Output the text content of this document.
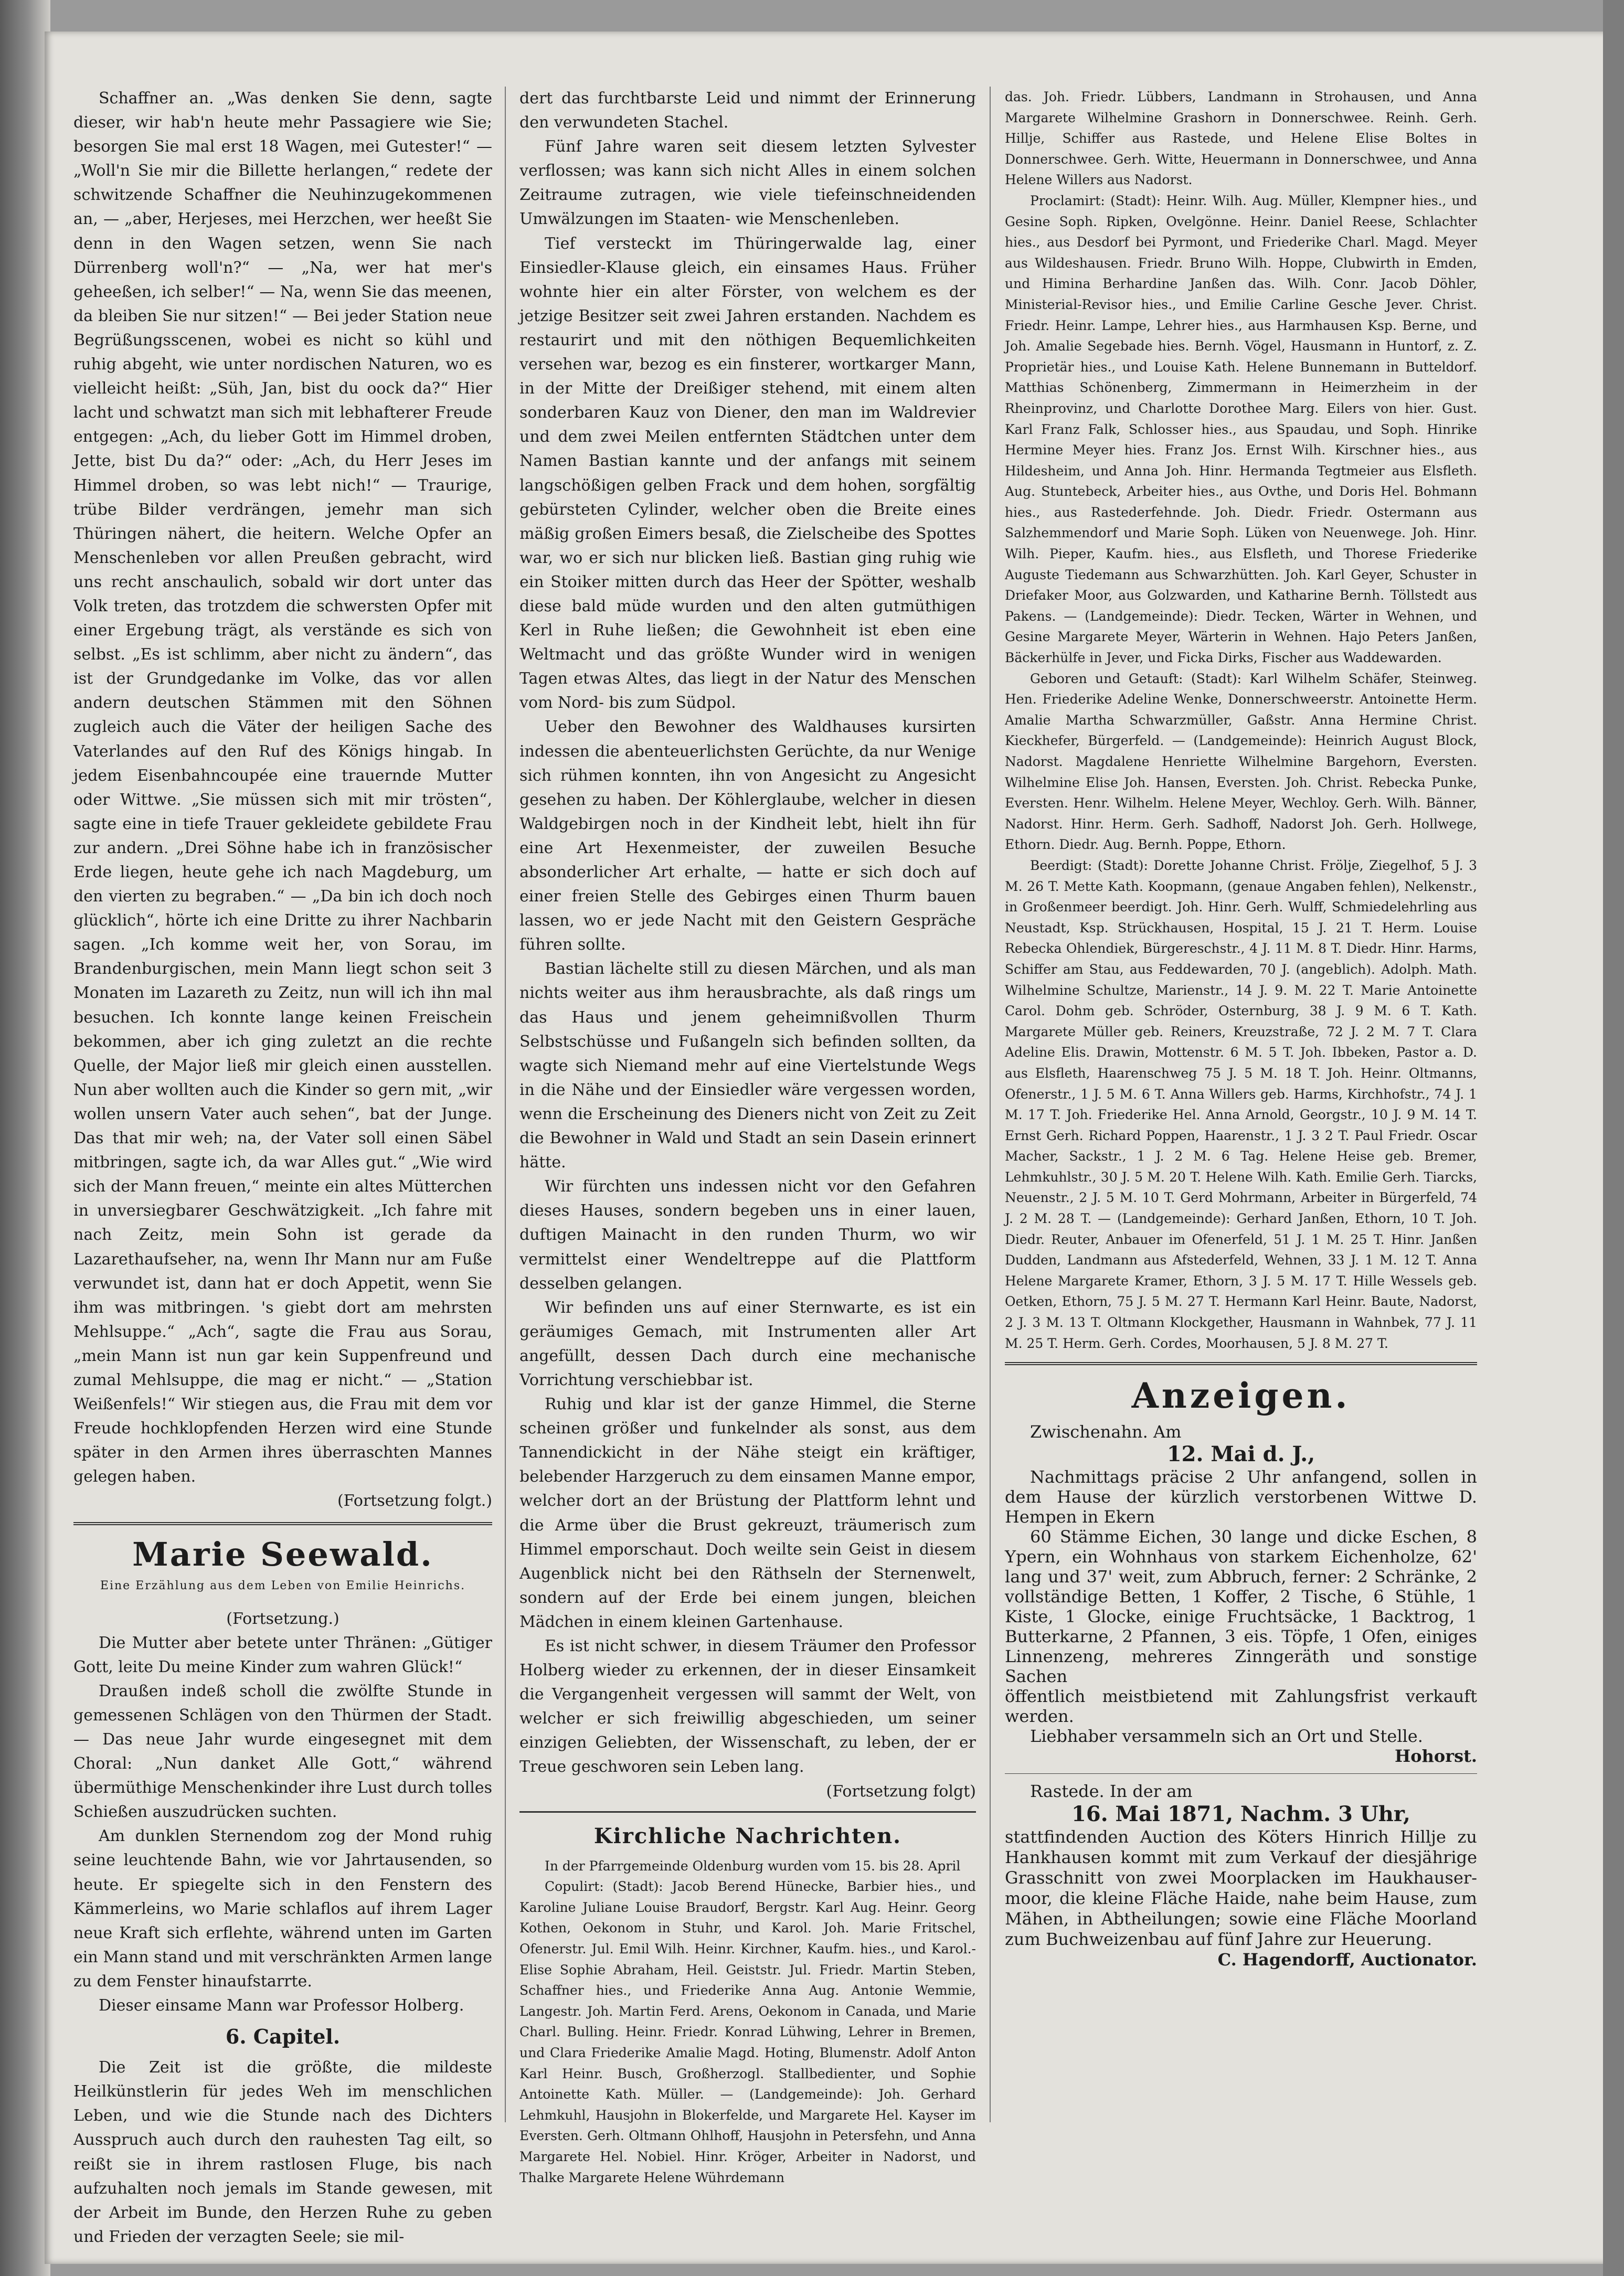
Schaffner an. „Was denken Sie denn, sagte dieser, wir hab'n heute mehr Passagiere wie Sie; besorgen Sie mal erst 18 Wagen, mei Gutester!“ — „Woll'n Sie mir die Billette herlangen,“ redete der schwitzende Schaffner die Neuhinzugekommenen an, — „aber, Herjeses, mei Herzchen, wer heeßt Sie denn in den Wagen setzen, wenn Sie nach Dürrenberg woll'n?“ — „Na, wer hat mer's geheeßen, ich selber!“ — Na, wenn Sie das meenen, da bleiben Sie nur sitzen!“ — Bei jeder Station neue Begrüßungsscenen, wobei es nicht so kühl und ruhig abgeht, wie unter nordischen Naturen, wo es vielleicht heißt: „Süh, Jan, bist du oock da?“ Hier lacht und schwatzt man sich mit lebhafterer Freude entgegen: „Ach, du lieber Gott im Himmel droben, Jette, bist Du da?“ oder: „Ach, du Herr Jeses im Himmel droben, so was lebt nich!“ — Traurige, trübe Bilder verdrängen, jemehr man sich Thüringen nähert, die heitern. Welche Opfer an Menschenleben vor allen Preußen gebracht, wird uns recht anschaulich, sobald wir dort unter das Volk treten, das trotzdem die schwersten Opfer mit einer Ergebung trägt, als verstände es sich von selbst. „Es ist schlimm, aber nicht zu ändern“, das ist der Grundgedanke im Volke, das vor allen andern deutschen Stämmen mit den Söhnen zugleich auch die Väter der heiligen Sache des Vaterlandes auf den Ruf des Königs hingab. In jedem Eisenbahncoupée eine trauernde Mutter oder Wittwe. „Sie müssen sich mit mir trösten“, sagte eine in tiefe Trauer gekleidete gebildete Frau zur andern. „Drei Söhne habe ich in französischer Erde liegen, heute gehe ich nach Magdeburg, um den vierten zu begraben.“ — „Da bin ich doch noch glücklich“, hörte ich eine Dritte zu ihrer Nachbarin sagen. „Ich komme weit her, von Sorau, im Brandenburgischen, mein Mann liegt schon seit 3 Monaten im Lazareth zu Zeitz, nun will ich ihn mal besuchen. Ich konnte lange keinen Freischein bekommen, aber ich ging zuletzt an die rechte Quelle, der Major ließ mir gleich einen ausstellen. Nun aber wollten auch die Kinder so gern mit, „wir wollen unsern Vater auch sehen“, bat der Junge. Das that mir weh; na, der Vater soll einen Säbel mitbringen, sagte ich, da war Alles gut.“ „Wie wird sich der Mann freuen,“ meinte ein altes Mütterchen in unversiegbarer Geschwätzigkeit. „Ich fahre mit nach Zeitz, mein Sohn ist gerade da Lazarethaufseher, na, wenn Ihr Mann nur am Fuße verwundet ist, dann hat er doch Appetit, wenn Sie ihm was mitbringen. 's giebt dort am mehrsten Mehlsuppe.“ „Ach“, sagte die Frau aus Sorau, „mein Mann ist nun gar kein Suppenfreund und zumal Mehlsuppe, die mag er nicht.“ — „Station Weißenfels!“ Wir stiegen aus, die Frau mit dem vor Freude hochklopfenden Herzen wird eine Stunde später in den Armen ihres überraschten Mannes gelegen haben.

(Fortsetzung folgt.)

Marie Seewald.
Eine Erzählung aus dem Leben von Emilie Heinrichs.

(Fortsetzung.)

Die Mutter aber betete unter Thränen: „Gütiger Gott, leite Du meine Kinder zum wahren Glück!“

Draußen indeß scholl die zwölfte Stunde in gemessenen Schlägen von den Thürmen der Stadt. — Das neue Jahr wurde eingesegnet mit dem Choral: „Nun danket Alle Gott,“ während übermüthige Menschenkinder ihre Lust durch tolles Schießen auszudrücken suchten.

Am dunklen Sternendom zog der Mond ruhig seine leuchtende Bahn, wie vor Jahrtausenden, so heute. Er spiegelte sich in den Fenstern des Kämmerleins, wo Marie schlaflos auf ihrem Lager neue Kraft sich erflehte, während unten im Garten ein Mann stand und mit verschränkten Armen lange zu dem Fenster hinaufstarrte.

Dieser einsame Mann war Professor Holberg.

6. Capitel.

Die Zeit ist die größte, die mildeste Heilkünstlerin für jedes Weh im menschlichen Leben, und wie die Stunde nach des Dichters Ausspruch auch durch den rauhesten Tag eilt, so reißt sie in ihrem rastlosen Fluge, bis nach aufzuhalten noch jemals im Stande gewesen, mit der Arbeit im Bunde, den Herzen Ruhe zu geben und Frieden der verzagten Seele; sie mil-

dert das furchtbarste Leid und nimmt der Erinnerung den verwundeten Stachel.

Fünf Jahre waren seit diesem letzten Sylvester verflossen; was kann sich nicht Alles in einem solchen Zeitraume zutragen, wie viele tiefeinschneidenden Umwälzungen im Staaten- wie Menschenleben.

Tief versteckt im Thüringerwalde lag, einer Einsiedler-Klause gleich, ein einsames Haus. Früher wohnte hier ein alter Förster, von welchem es der jetzige Besitzer seit zwei Jahren erstanden. Nachdem es restaurirt und mit den nöthigen Bequemlichkeiten versehen war, bezog es ein finsterer, wortkarger Mann, in der Mitte der Dreißiger stehend, mit einem alten sonderbaren Kauz von Diener, den man im Waldrevier und dem zwei Meilen entfernten Städtchen unter dem Namen Bastian kannte und der anfangs mit seinem langschößigen gelben Frack und dem hohen, sorgfältig gebürsteten Cylinder, welcher oben die Breite eines mäßig großen Eimers besaß, die Zielscheibe des Spottes war, wo er sich nur blicken ließ. Bastian ging ruhig wie ein Stoiker mitten durch das Heer der Spötter, weshalb diese bald müde wurden und den alten gutmüthigen Kerl in Ruhe ließen; die Gewohnheit ist eben eine Weltmacht und das größte Wunder wird in wenigen Tagen etwas Altes, das liegt in der Natur des Menschen vom Nord- bis zum Südpol.

Ueber den Bewohner des Waldhauses kursirten indessen die abenteuerlichsten Gerüchte, da nur Wenige sich rühmen konnten, ihn von Angesicht zu Angesicht gesehen zu haben. Der Köhlerglaube, welcher in diesen Waldgebirgen noch in der Kindheit lebt, hielt ihn für eine Art Hexenmeister, der zuweilen Besuche absonderlicher Art erhalte, — hatte er sich doch auf einer freien Stelle des Gebirges einen Thurm bauen lassen, wo er jede Nacht mit den Geistern Gespräche führen sollte.

Bastian lächelte still zu diesen Märchen, und als man nichts weiter aus ihm herausbrachte, als daß rings um das Haus und jenem geheimnißvollen Thurm Selbstschüsse und Fußangeln sich befinden sollten, da wagte sich Niemand mehr auf eine Viertelstunde Wegs in die Nähe und der Einsiedler wäre vergessen worden, wenn die Erscheinung des Dieners nicht von Zeit zu Zeit die Bewohner in Wald und Stadt an sein Dasein erinnert hätte.

Wir fürchten uns indessen nicht vor den Gefahren dieses Hauses, sondern begeben uns in einer lauen, duftigen Mainacht in den runden Thurm, wo wir vermittelst einer Wendeltreppe auf die Plattform desselben gelangen.

Wir befinden uns auf einer Sternwarte, es ist ein geräumiges Gemach, mit Instrumenten aller Art angefüllt, dessen Dach durch eine mechanische Vorrichtung verschiebbar ist.

Ruhig und klar ist der ganze Himmel, die Sterne scheinen größer und funkelnder als sonst, aus dem Tannendickicht in der Nähe steigt ein kräftiger, belebender Harzgeruch zu dem einsamen Manne empor, welcher dort an der Brüstung der Plattform lehnt und die Arme über die Brust gekreuzt, träumerisch zum Himmel emporschaut. Doch weilte sein Geist in diesem Augenblick nicht bei den Räthseln der Sternenwelt, sondern auf der Erde bei einem jungen, bleichen Mädchen in einem kleinen Gartenhause.

Es ist nicht schwer, in diesem Träumer den Professor Holberg wieder zu erkennen, der in dieser Einsamkeit die Vergangenheit vergessen will sammt der Welt, von welcher er sich freiwillig abgeschieden, um seiner einzigen Geliebten, der Wissenschaft, zu leben, der er Treue geschworen sein Leben lang.

(Fortsetzung folgt)

Kirchliche Nachrichten.

In der Pfarrgemeinde Oldenburg wurden vom 15. bis 28. April

Copulirt: (Stadt): Jacob Berend Hünecke, Barbier hies., und Karoline Juliane Louise Braudorf, Bergstr. Karl Aug. Heinr. Georg Kothen, Oekonom in Stuhr, und Karol. Joh. Marie Fritschel, Ofenerstr. Jul. Emil Wilh. Heinr. Kirchner, Kaufm. hies., und Karol.-Elise Sophie Abraham, Heil. Geiststr. Jul. Friedr. Martin Steben, Schaffner hies., und Friederike Anna Aug. Antonie Wemmie, Langestr. Joh. Martin Ferd. Arens, Oekonom in Canada, und Marie Charl. Bulling. Heinr. Friedr. Konrad Lühwing, Lehrer in Bremen, und Clara Friederike Amalie Magd. Hoting, Blumenstr. Adolf Anton Karl Heinr. Busch, Großherzogl. Stallbedienter, und Sophie Antoinette Kath. Müller. — (Landgemeinde): Joh. Gerhard Lehmkuhl, Hausjohn in Blokerfelde, und Margarete Hel. Kayser im Eversten. Gerh. Oltmann Ohlhoff, Hausjohn in Petersfehn, und Anna Margarete Hel. Nobiel. Hinr. Kröger, Arbeiter in Nadorst, und Thalke Margarete Helene Wührdemann

das. Joh. Friedr. Lübbers, Landmann in Strohausen, und Anna Margarete Wilhelmine Grashorn in Donnerschwee. Reinh. Gerh. Hillje, Schiffer aus Rastede, und Helene Elise Boltes in Donnerschwee. Gerh. Witte, Heuermann in Donnerschwee, und Anna Helene Willers aus Nadorst.

Proclamirt: (Stadt): Heinr. Wilh. Aug. Müller, Klempner hies., und Gesine Soph. Ripken, Ovelgönne. Heinr. Daniel Reese, Schlachter hies., aus Desdorf bei Pyrmont, und Friederike Charl. Magd. Meyer aus Wildeshausen. Friedr. Bruno Wilh. Hoppe, Clubwirth in Emden, und Himina Berhardine Janßen das. Wilh. Conr. Jacob Döhler, Ministerial-Revisor hies., und Emilie Carline Gesche Jever. Christ. Friedr. Heinr. Lampe, Lehrer hies., aus Harmhausen Ksp. Berne, und Joh. Amalie Segebade hies. Bernh. Vögel, Hausmann in Huntorf, z. Z. Proprietär hies., und Louise Kath. Helene Bunnemann in Butteldorf. Matthias Schönenberg, Zimmermann in Heimerzheim in der Rheinprovinz, und Charlotte Dorothee Marg. Eilers von hier. Gust. Karl Franz Falk, Schlosser hies., aus Spaudau, und Soph. Hinrike Hermine Meyer hies. Franz Jos. Ernst Wilh. Kirschner hies., aus Hildesheim, und Anna Joh. Hinr. Hermanda Tegtmeier aus Elsfleth. Aug. Stuntebeck, Arbeiter hies., aus Ovthe, und Doris Hel. Bohmann hies., aus Rastederfehnde. Joh. Diedr. Friedr. Ostermann aus Salzhemmendorf und Marie Soph. Lüken von Neuenwege. Joh. Hinr. Wilh. Pieper, Kaufm. hies., aus Elsfleth, und Thorese Friederike Auguste Tiedemann aus Schwarzhütten. Joh. Karl Geyer, Schuster in Driefaker Moor, aus Golzwarden, und Katharine Bernh. Töllstedt aus Pakens. — (Landgemeinde): Diedr. Tecken, Wärter in Wehnen, und Gesine Margarete Meyer, Wärterin in Wehnen. Hajo Peters Janßen, Bäckerhülfe in Jever, und Ficka Dirks, Fischer aus Waddewarden.

Geboren und Getauft: (Stadt): Karl Wilhelm Schäfer, Steinweg. Hen. Friederike Adeline Wenke, Donnerschweerstr. Antoinette Herm. Amalie Martha Schwarzmüller, Gaßstr. Anna Hermine Christ. Kieckhefer, Bürgerfeld. — (Landgemeinde): Heinrich August Block, Nadorst. Magdalene Henriette Wilhelmine Bargehorn, Eversten. Wilhelmine Elise Joh. Hansen, Eversten. Joh. Christ. Rebecka Punke, Eversten. Henr. Wilhelm. Helene Meyer, Wechloy. Gerh. Wilh. Bänner, Nadorst. Hinr. Herm. Gerh. Sadhoff, Nadorst Joh. Gerh. Hollwege, Ethorn. Diedr. Aug. Bernh. Poppe, Ethorn.

Beerdigt: (Stadt): Dorette Johanne Christ. Frölje, Ziegelhof, 5 J. 3 M. 26 T. Mette Kath. Koopmann, (genaue Angaben fehlen), Nelkenstr., in Großenmeer beerdigt. Joh. Hinr. Gerh. Wulff, Schmiedelehrling aus Neustadt, Ksp. Strückhausen, Hospital, 15 J. 21 T. Herm. Louise Rebecka Ohlendiek, Bürgereschstr., 4 J. 11 M. 8 T. Diedr. Hinr. Harms, Schiffer am Stau, aus Feddewarden, 70 J. (angeblich). Adolph. Math. Wilhelmine Schultze, Marienstr., 14 J. 9. M. 22 T. Marie Antoinette Carol. Dohm geb. Schröder, Osternburg, 38 J. 9 M. 6 T. Kath. Margarete Müller geb. Reiners, Kreuzstraße, 72 J. 2 M. 7 T. Clara Adeline Elis. Drawin, Mottenstr. 6 M. 5 T. Joh. Ibbeken, Pastor a. D. aus Elsfleth, Haarenschweg 75 J. 5 M. 18 T. Joh. Heinr. Oltmanns, Ofenerstr., 1 J. 5 M. 6 T. Anna Willers geb. Harms, Kirchhofstr., 74 J. 1 M. 17 T. Joh. Friederike Hel. Anna Arnold, Georgstr., 10 J. 9 M. 14 T. Ernst Gerh. Richard Poppen, Haarenstr., 1 J. 3 2 T. Paul Friedr. Oscar Macher, Sackstr., 1 J. 2 M. 6 Tag. Helene Heise geb. Bremer, Lehmkuhlstr., 30 J. 5 M. 20 T. Helene Wilh. Kath. Emilie Gerh. Tiarcks, Neuenstr., 2 J. 5 M. 10 T. Gerd Mohrmann, Arbeiter in Bürgerfeld, 74 J. 2 M. 28 T. — (Landgemeinde): Gerhard Janßen, Ethorn, 10 T. Joh. Diedr. Reuter, Anbauer im Ofenerfeld, 51 J. 1 M. 25 T. Hinr. Janßen Dudden, Landmann aus Afstederfeld, Wehnen, 33 J. 1 M. 12 T. Anna Helene Margarete Kramer, Ethorn, 3 J. 5 M. 17 T. Hille Wessels geb. Oetken, Ethorn, 75 J. 5 M. 27 T. Hermann Karl Heinr. Baute, Nadorst, 2 J. 3 M. 13 T. Oltmann Klockgether, Hausmann in Wahnbek, 77 J. 11 M. 25 T. Herm. Gerh. Cordes, Moorhausen, 5 J. 8 M. 27 T.

Anzeigen.

Zwischenahn. Am

12. Mai d. J.,

Nachmittags präcise 2 Uhr anfangend, sollen in dem Hause der kürzlich verstorbenen Wittwe D. Hempen in Ekern

60 Stämme Eichen, 30 lange und dicke Eschen, 8 Ypern, ein Wohnhaus von starkem Eichenholze, 62' lang und 37' weit, zum Abbruch, ferner: 2 Schränke, 2 vollständige Betten, 1 Koffer, 2 Tische, 6 Stühle, 1 Kiste, 1 Glocke, einige Fruchtsäcke, 1 Backtrog, 1 Butterkarne, 2 Pfannen, 3 eis. Töpfe, 1 Ofen, einiges Linnenzeng, mehreres Zinngeräth und sonstige Sachen

öffentlich meistbietend mit Zahlungsfrist verkauft werden.

Liebhaber versammeln sich an Ort und Stelle.

Hohorst.

Rastede. In der am

16. Mai 1871, Nachm. 3 Uhr,

stattfindenden Auction des Köters Hinrich Hillje zu Hankhausen kommt mit zum Verkauf der diesjährige Grasschnitt von zwei Moorplacken im Haukhauser-moor, die kleine Fläche Haide, nahe beim Hause, zum Mähen, in Abtheilungen; sowie eine Fläche Moorland zum Buchweizenbau auf fünf Jahre zur Heuerung.

C. Hagendorff, Auctionator.
